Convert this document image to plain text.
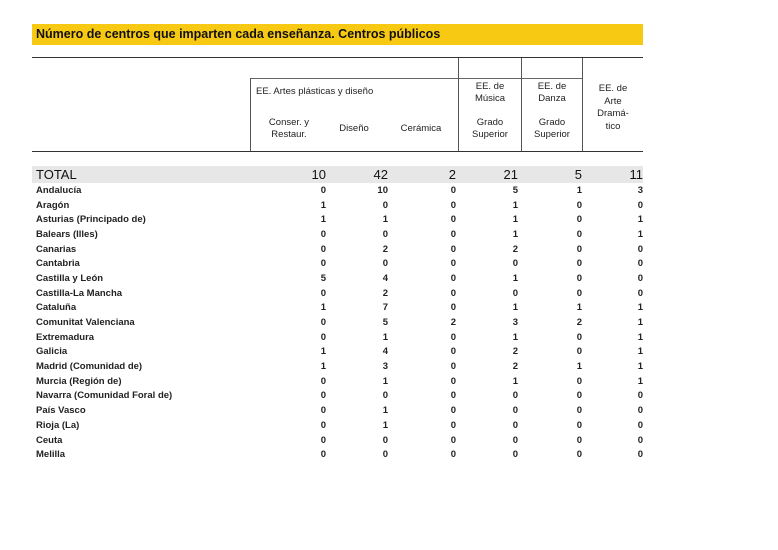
Número de centros que imparten cada enseñanza. Centros públicos
EE. Artes plásticas y diseño
Conser. y
Restaur.
Diseño	Cerámica
EE. de
Música
Grado
Superior
EE. de
Danza
Grado
Superior
EE. de
Arte
Dramá-
tico
TOTAL	10	42	2	21	5	11
Andalucía	0	10	0	5	1	3
Aragón	1	0	0	1	0	0
Asturias (Principado de)	1	1	0	1	0	1
Balears (Illes)	0	0	0	1	0	1
Canarias	0	2	0	2	0	0
Cantabria	0	0	0	0	0	0
Castilla y León	5	4	0	1	0	0
Castilla-La Mancha	0	2	0	0	0	0
Cataluña	1	7	0	1	1	1
Comunitat Valenciana	0	5	2	3	2	1
Extremadura	0	1	0	1	0	1
Galicia	1	4	0	2	0	1
Madrid (Comunidad de)	1	3	0	2	1	1
Murcia (Región de)	0	1	0	1	0	1
Navarra (Comunidad Foral de)	0	0	0	0	0	0
País Vasco	0	1	0	0	0	0
Rioja (La)	0	1	0	0	0	0
Ceuta	0	0	0	0	0	0
Melilla	0	0	0	0	0	0
